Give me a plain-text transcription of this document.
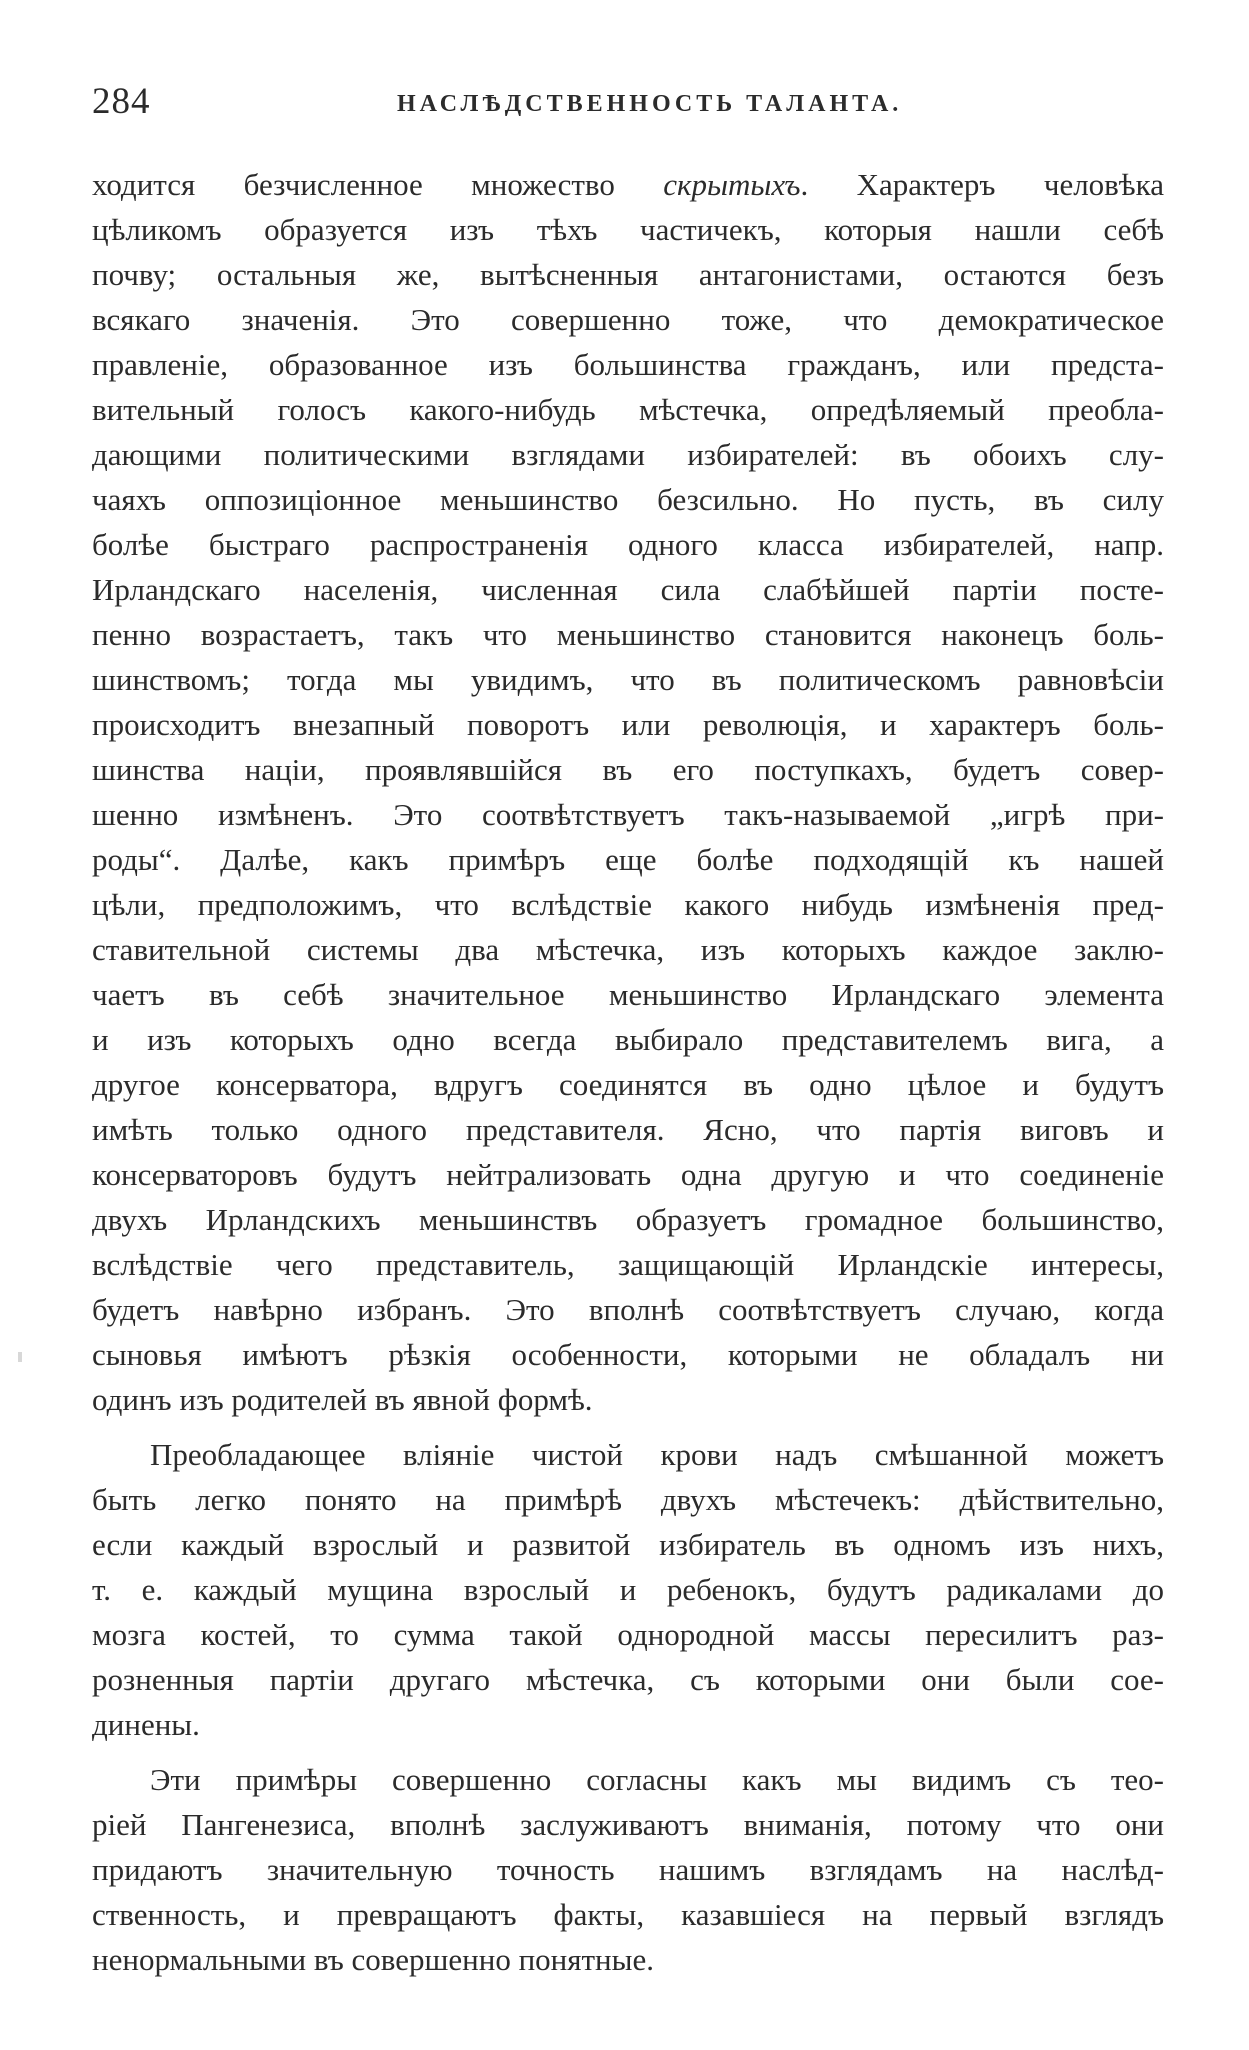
284	НАСЛѢДСТВЕННОСТЬ ТАЛАНТА.
ходится безчисленное множество скрытыхъ. Характеръ человѣка
цѣликомъ образуется изъ тѣхъ частичекъ, которыя нашли себѣ
почву; остальныя же, вытѣсненныя антагонистами, остаются безъ
всякаго значенія. Это совершенно тоже, что демократическое
правленіе, образованное изъ большинства гражданъ, или предста-
вительный голосъ какого-нибудь мѣстечка, опредѣляемый преобла-
дающими политическими взглядами избирателей: въ обоихъ слу-
чаяхъ оппозиціонное меньшинство безсильно. Но пусть, въ силу
болѣе быстраго распространенія одного класса избирателей, напр.
Ирландскаго населенія, численная сила слабѣйшей партіи посте-
пенно возрастаетъ, такъ что меньшинство становится наконецъ боль-
шинствомъ; тогда мы увидимъ, что въ политическомъ равновѣсіи
происходитъ внезапный поворотъ или революція, и характеръ боль-
шинства націи, проявлявшійся въ его поступкахъ, будетъ совер-
шенно измѣненъ. Это соотвѣтствуетъ такъ-называемой „игрѣ при-
роды“. Далѣе, какъ примѣръ еще болѣе подходящій къ нашей
цѣли, предположимъ, что вслѣдствіе какого нибудь измѣненія пред-
ставительной системы два мѣстечка, изъ которыхъ каждое заклю-
чаетъ въ себѣ значительное меньшинство Ирландскаго элемента
и изъ которыхъ одно всегда выбирало представителемъ вига, а
другое консерватора, вдругъ соединятся въ одно цѣлое и будутъ
имѣть только одного представителя. Ясно, что партія виговъ и
консерваторовъ будутъ нейтрализовать одна другую и что соединеніе
двухъ Ирландскихъ меньшинствъ образуетъ громадное большинство,
вслѣдствіе чего представитель, защищающій Ирландскіе интересы,
будетъ навѣрно избранъ. Это вполнѣ соотвѣтствуетъ случаю, когда
сыновья имѣютъ рѣзкія особенности, которыми не обладалъ ни
одинъ изъ родителей въ явной формѣ.
Преобладающее вліяніе чистой крови надъ смѣшанной можетъ
быть легко понято на примѣрѣ двухъ мѣстечекъ: дѣйствительно,
если каждый взрослый и развитой избиратель въ одномъ изъ нихъ,
т. е. каждый мущина взрослый и ребенокъ, будутъ радикалами до
мозга костей, то сумма такой однородной массы пересилитъ раз-
розненныя партіи другаго мѣстечка, съ которыми они были сое-
динены.
Эти примѣры совершенно согласны какъ мы видимъ съ тео-
ріей Пангенезиса, вполнѣ заслуживаютъ вниманія, потому что они
придаютъ значительную точность нашимъ взглядамъ на наслѣд-
ственность, и превращаютъ факты, казавшіеся на первый взглядъ
ненормальными въ совершенно понятные.
